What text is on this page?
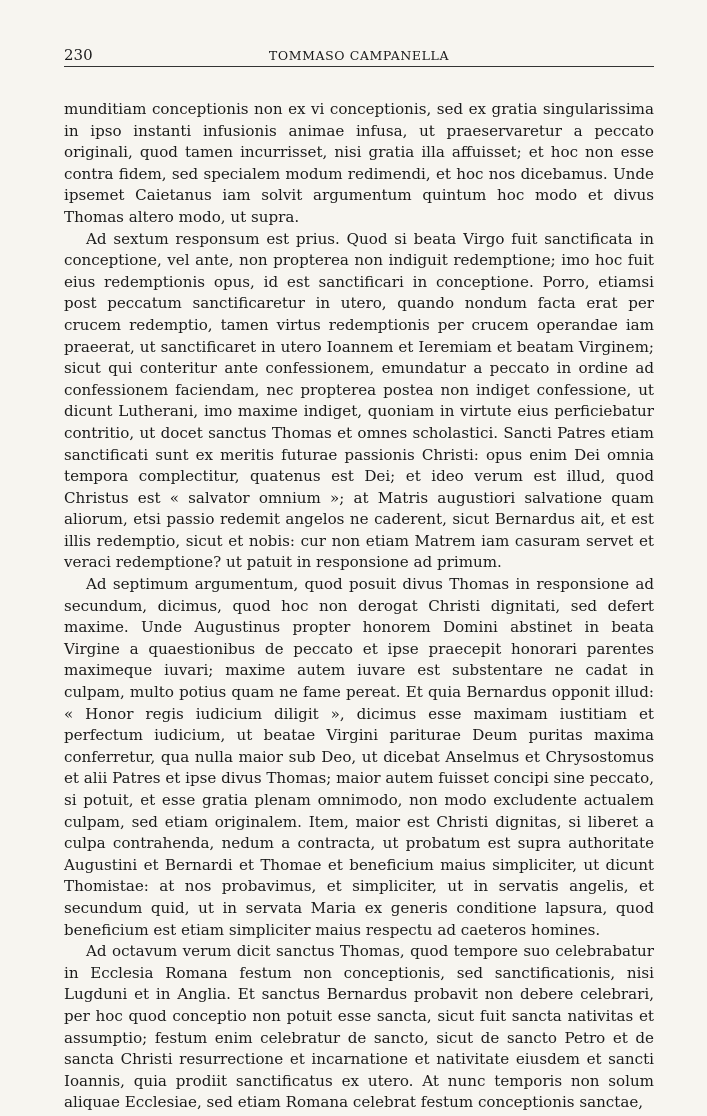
230	TOMMASO CAMPANELLA

munditiam conceptionis non ex vi conceptionis, sed ex gratia singularissima in ipso instanti infusionis animae infusa, ut praeservaretur a peccato originali, quod tamen incurrisset, nisi gratia illa affuisset; et hoc non esse contra fidem, sed specialem modum redimendi, et hoc nos dicebamus. Unde ipsemet Caietanus iam solvit argumentum quintum hoc modo et divus Thomas altero modo, ut supra.

Ad sextum responsum est prius. Quod si beata Virgo fuit sanctificata in conceptione, vel ante, non propterea non indiguit redemptione; imo hoc fuit eius redemptionis opus, id est sanctificari in conceptione. Porro, etiamsi post peccatum sanctificaretur in utero, quando nondum facta erat per crucem redemptio, tamen virtus redemptionis per crucem operandae iam praeerat, ut sanctificaret in utero Ioannem et Ieremiam et beatam Virginem; sicut qui conteritur ante confessionem, emundatur a peccato in ordine ad confessionem faciendam, nec propterea postea non indiget confessione, ut dicunt Lutherani, imo maxime indiget, quoniam in virtute eius perficiebatur contritio, ut docet sanctus Thomas et omnes scholastici. Sancti Patres etiam sanctificati sunt ex meritis futurae passionis Christi: opus enim Dei omnia tempora complectitur, quatenus est Dei; et ideo verum est illud, quod Christus est « salvator omnium »; at Matris augustiori salvatione quam aliorum, etsi passio redemit angelos ne caderent, sicut Bernardus ait, et est illis redemptio, sicut et nobis: cur non etiam Matrem iam casuram servet et veraci redemptione? ut patuit in responsione ad primum.

Ad septimum argumentum, quod posuit divus Thomas in responsione ad secundum, dicimus, quod hoc non derogat Christi dignitati, sed defert maxime. Unde Augustinus propter honorem Domini abstinet in beata Virgine a quaestionibus de peccato et ipse praecepit honorari parentes maximeque iuvari; maxime autem iuvare est substentare ne cadat in culpam, multo potius quam ne fame pereat. Et quia Bernardus opponit illud: « Honor regis iudicium diligit », dicimus esse maximam iustitiam et perfectum iudicium, ut beatae Virgini pariturae Deum puritas maxima conferretur, qua nulla maior sub Deo, ut dicebat Anselmus et Chrysostomus et alii Patres et ipse divus Thomas; maior autem fuisset concipi sine peccato, si potuit, et esse gratia plenam omnimodo, non modo excludente actualem culpam, sed etiam originalem. Item, maior est Christi dignitas, si liberet a culpa contrahenda, nedum a contracta, ut probatum est supra authoritate Augustini et Bernardi et Thomae et beneficium maius simpliciter, ut dicunt Thomistae: at nos probavimus, et simpliciter, ut in servatis angelis, et secundum quid, ut in servata Maria ex generis conditione lapsura, quod beneficium est etiam simpliciter maius respectu ad caeteros homines.

Ad octavum verum dicit sanctus Thomas, quod tempore suo celebrabatur in Ecclesia Romana festum non conceptionis, sed sanctificationis, nisi Lugduni et in Anglia. Et sanctus Bernardus probavit non debere celebrari, per hoc quod conceptio non potuit esse sancta, sicut fuit sancta nativitas et assumptio; festum enim celebratur de sancto, sicut de sancto Petro et de sancta Christi resurrectione et incarnatione et nativitate eiusdem et sancti Ioannis, quia prodiit sanctificatus ex utero. At nunc temporis non solum aliquae Ecclesiae, sed etiam Romana celebrat festum conceptionis sanctae,
